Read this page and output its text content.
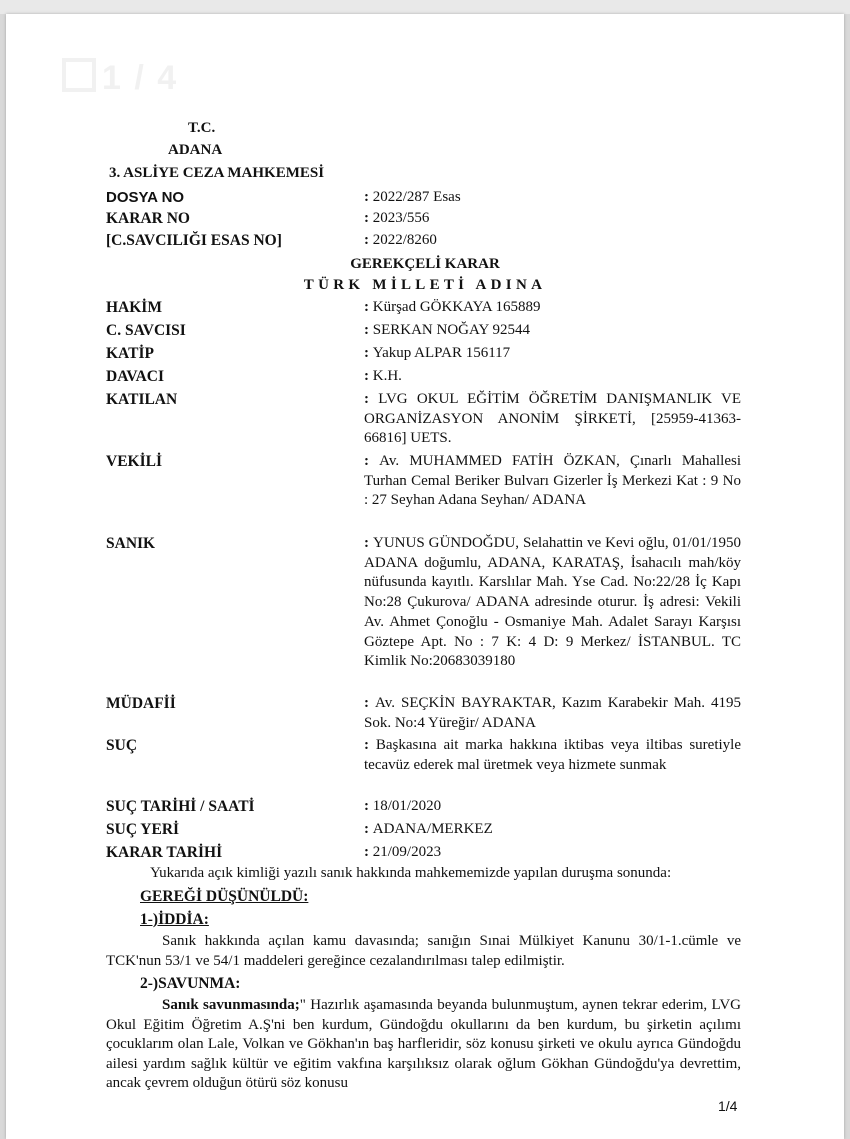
1 / 4
T.C.
ADANA
3. ASLİYE CEZA MAHKEMESİ
DOSYA NO	: 2022/287 Esas
KARAR NO	: 2023/556
[C.SAVCILIĞI ESAS NO]	: 2022/8260
GEREKÇELİ KARAR
TÜRK MİLLETİ ADINA
HAKİM	: Kürşad GÖKKAYA 165889
C. SAVCISI	: SERKAN NOĞAY 92544
KATİP	: Yakup ALPAR 156117
DAVACI	: K.H.
KATILAN	: LVG OKUL EĞİTİM ÖĞRETİM DANIŞMANLIK VE ORGANİZASYON ANONİM ŞİRKETİ, [25959-41363-66816] UETS.
VEKİLİ	: Av. MUHAMMED FATİH ÖZKAN, Çınarlı Mahallesi Turhan Cemal Beriker Bulvarı Gizerler İş Merkezi Kat : 9 No : 27 Seyhan Adana Seyhan/ ADANA
SANIK	: YUNUS GÜNDOĞDU, Selahattin ve Kevi oğlu, 01/01/1950 ADANA doğumlu, ADANA, KARATAŞ, İsahacılı mah/köy nüfusunda kayıtlı. Karslılar Mah. Yse Cad. No:22/28 İç Kapı No:28 Çukurova/ ADANA adresinde oturur. İş adresi: Vekili Av. Ahmet Çonoğlu - Osmaniye Mah. Adalet Sarayı Karşısı Göztepe Apt. No : 7 K: 4 D: 9 Merkez/ İSTANBUL. TC Kimlik No:20683039180
MÜDAFİİ	: Av. SEÇKİN BAYRAKTAR, Kazım Karabekir Mah. 4195 Sok. No:4 Yüreğir/ ADANA
SUÇ	: Başkasına ait marka hakkına iktibas veya iltibas suretiyle tecavüz ederek mal üretmek veya hizmete sunmak
SUÇ TARİHİ / SAATİ	: 18/01/2020
SUÇ YERİ	: ADANA/MERKEZ
KARAR TARİHİ	: 21/09/2023
Yukarıda açık kimliği yazılı sanık hakkında mahkememizde yapılan duruşma sonunda:
GEREĞİ DÜŞÜNÜLDÜ:
1-)İDDİA:
Sanık hakkında açılan kamu davasında; sanığın Sınai Mülkiyet Kanunu 30/1-1.cümle ve TCK'nun 53/1 ve 54/1 maddeleri gereğince cezalandırılması talep edilmiştir.
2-)SAVUNMA:
Sanık savunmasında;" Hazırlık aşamasında beyanda bulunmuştum, aynen tekrar ederim, LVG Okul Eğitim Öğretim A.Ş'ni ben kurdum, Gündoğdu okullarını da ben kurdum, bu şirketin açılımı çocuklarım olan Lale, Volkan ve Gökhan'ın baş harfleridir, söz konusu şirketi ve okulu ayrıca Gündoğdu ailesi yardım sağlık kültür ve eğitim vakfına karşılıksız olarak oğlum Gökhan Gündoğdu'ya devrettim, ancak çevrem olduğun ötürü söz konusu
1/4
